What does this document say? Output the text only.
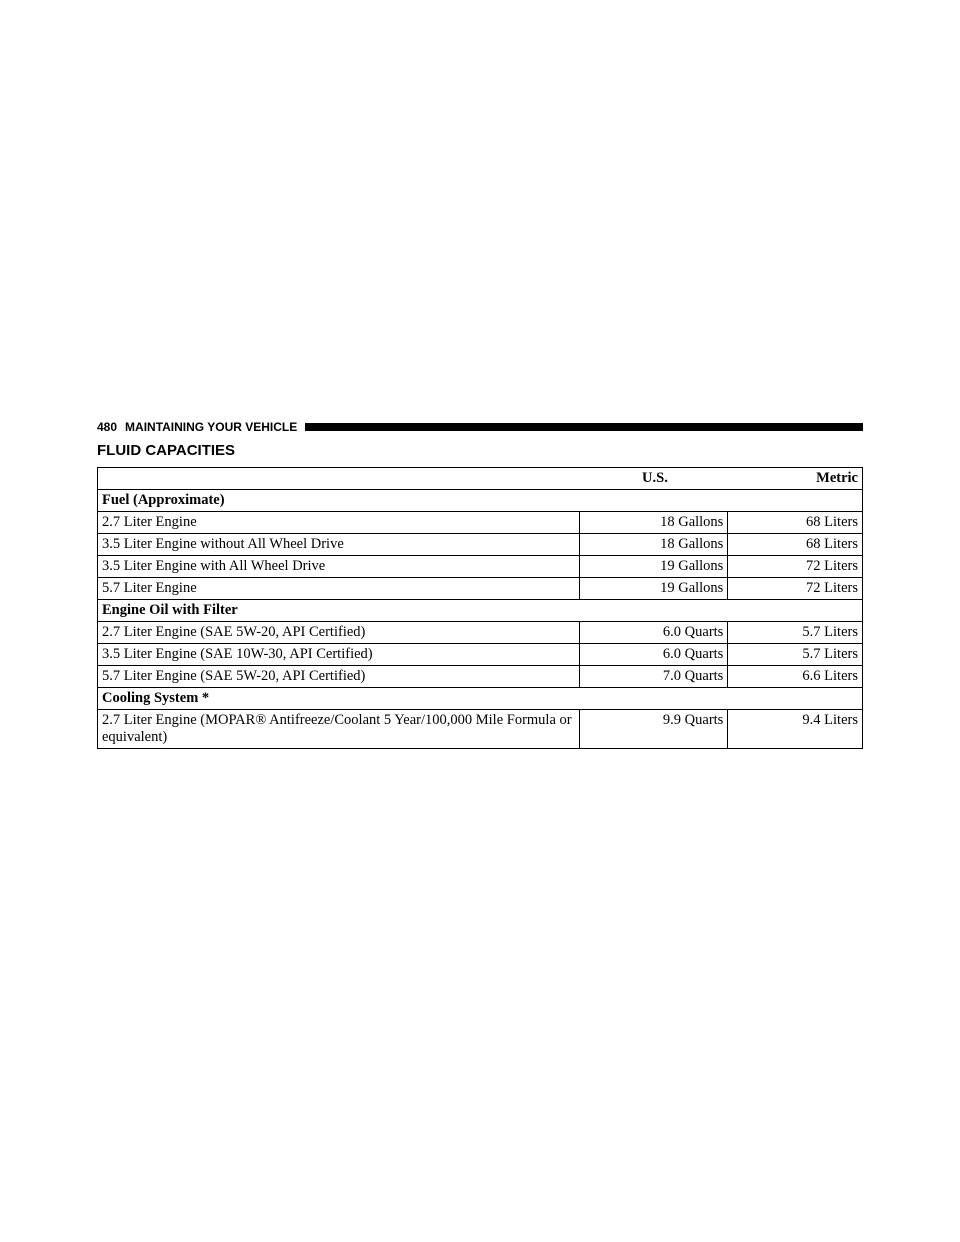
480 MAINTAINING YOUR VEHICLE
FLUID CAPACITIES
	U.S.	Metric
Fuel (Approximate)		
2.7 Liter Engine	18 Gallons	68 Liters
3.5 Liter Engine without All Wheel Drive	18 Gallons	68 Liters
3.5 Liter Engine with All Wheel Drive	19 Gallons	72 Liters
5.7 Liter Engine	19 Gallons	72 Liters
Engine Oil with Filter		
2.7 Liter Engine (SAE 5W-20, API Certified)	6.0 Quarts	5.7 Liters
3.5 Liter Engine (SAE 10W-30, API Certified)	6.0 Quarts	5.7 Liters
5.7 Liter Engine (SAE 5W-20, API Certified)	7.0 Quarts	6.6 Liters
Cooling System *		
2.7 Liter Engine (MOPAR® Antifreeze/Coolant 5 Year/100,000 Mile Formula or equivalent)	9.9 Quarts	9.4 Liters
